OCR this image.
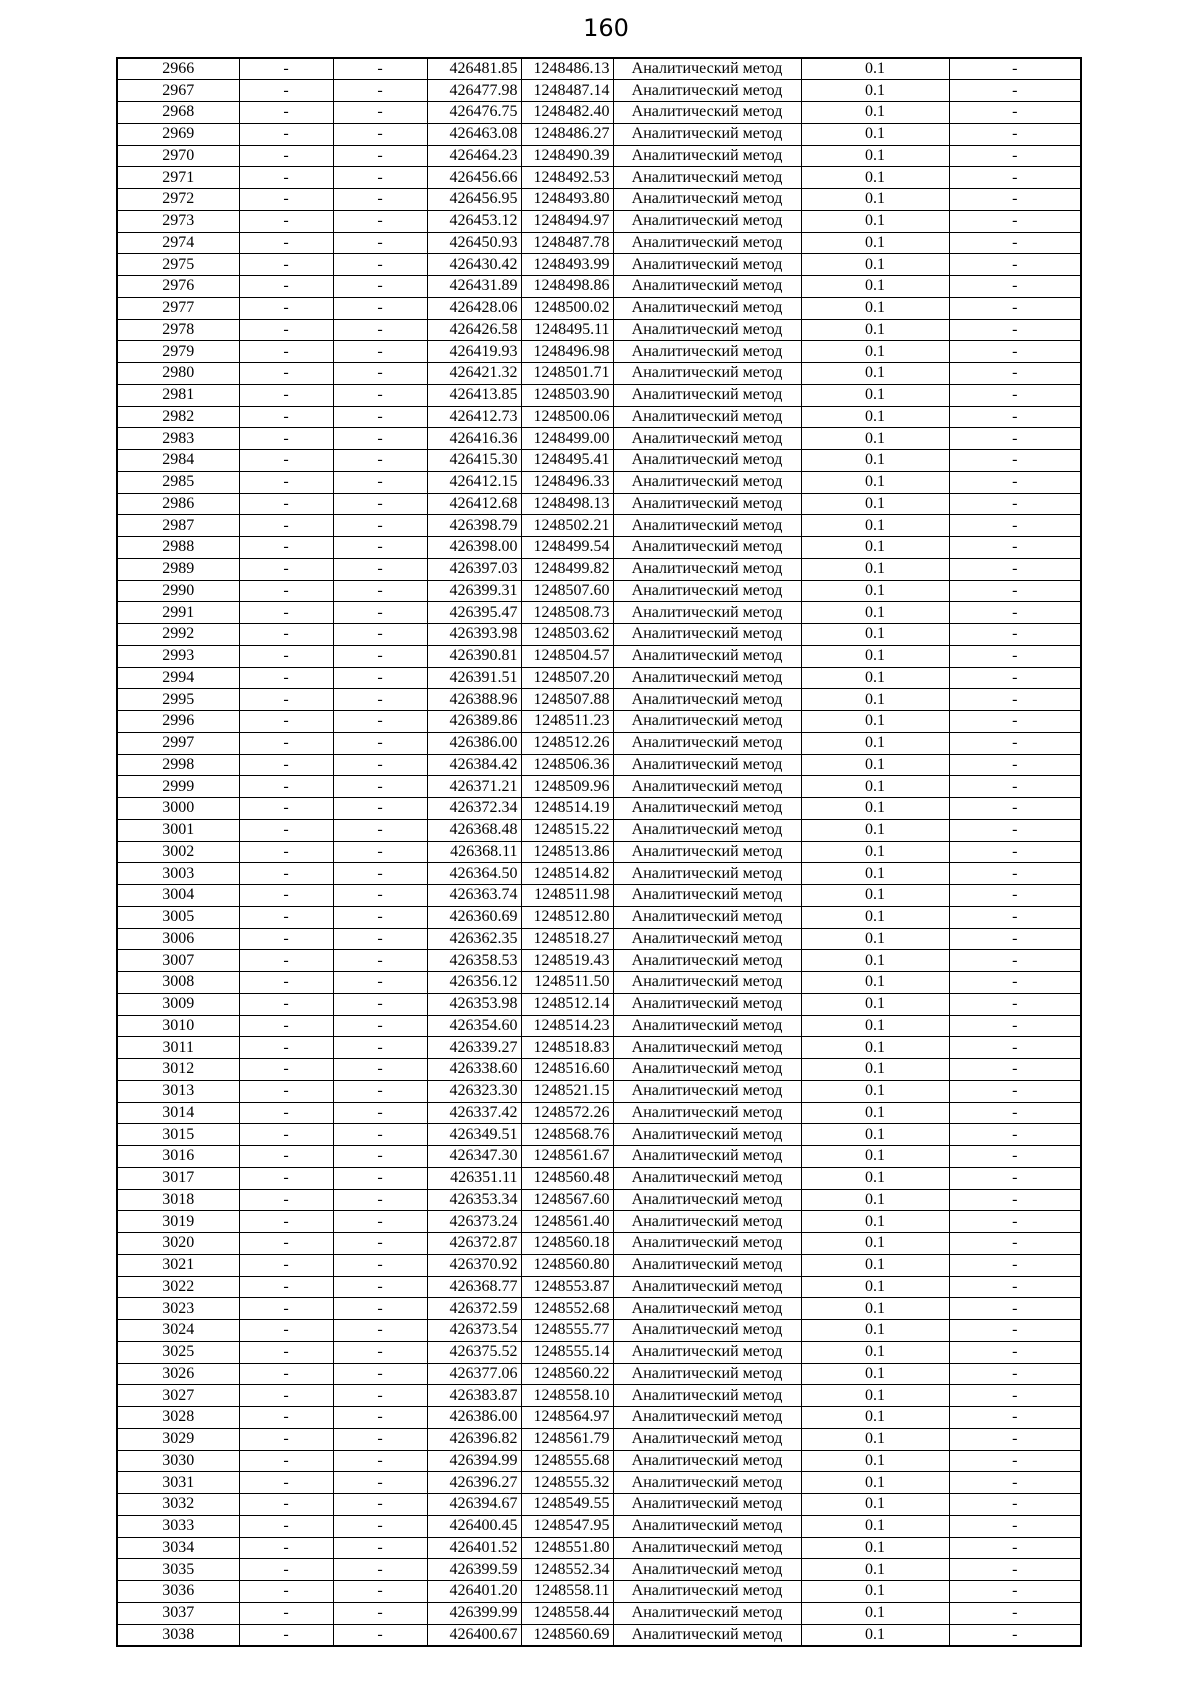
160
2966	-	-	426481.85	1248486.13	Аналитический метод	0.1	-
2967	-	-	426477.98	1248487.14	Аналитический метод	0.1	-
2968	-	-	426476.75	1248482.40	Аналитический метод	0.1	-
2969	-	-	426463.08	1248486.27	Аналитический метод	0.1	-
2970	-	-	426464.23	1248490.39	Аналитический метод	0.1	-
2971	-	-	426456.66	1248492.53	Аналитический метод	0.1	-
2972	-	-	426456.95	1248493.80	Аналитический метод	0.1	-
2973	-	-	426453.12	1248494.97	Аналитический метод	0.1	-
2974	-	-	426450.93	1248487.78	Аналитический метод	0.1	-
2975	-	-	426430.42	1248493.99	Аналитический метод	0.1	-
2976	-	-	426431.89	1248498.86	Аналитический метод	0.1	-
2977	-	-	426428.06	1248500.02	Аналитический метод	0.1	-
2978	-	-	426426.58	1248495.11	Аналитический метод	0.1	-
2979	-	-	426419.93	1248496.98	Аналитический метод	0.1	-
2980	-	-	426421.32	1248501.71	Аналитический метод	0.1	-
2981	-	-	426413.85	1248503.90	Аналитический метод	0.1	-
2982	-	-	426412.73	1248500.06	Аналитический метод	0.1	-
2983	-	-	426416.36	1248499.00	Аналитический метод	0.1	-
2984	-	-	426415.30	1248495.41	Аналитический метод	0.1	-
2985	-	-	426412.15	1248496.33	Аналитический метод	0.1	-
2986	-	-	426412.68	1248498.13	Аналитический метод	0.1	-
2987	-	-	426398.79	1248502.21	Аналитический метод	0.1	-
2988	-	-	426398.00	1248499.54	Аналитический метод	0.1	-
2989	-	-	426397.03	1248499.82	Аналитический метод	0.1	-
2990	-	-	426399.31	1248507.60	Аналитический метод	0.1	-
2991	-	-	426395.47	1248508.73	Аналитический метод	0.1	-
2992	-	-	426393.98	1248503.62	Аналитический метод	0.1	-
2993	-	-	426390.81	1248504.57	Аналитический метод	0.1	-
2994	-	-	426391.51	1248507.20	Аналитический метод	0.1	-
2995	-	-	426388.96	1248507.88	Аналитический метод	0.1	-
2996	-	-	426389.86	1248511.23	Аналитический метод	0.1	-
2997	-	-	426386.00	1248512.26	Аналитический метод	0.1	-
2998	-	-	426384.42	1248506.36	Аналитический метод	0.1	-
2999	-	-	426371.21	1248509.96	Аналитический метод	0.1	-
3000	-	-	426372.34	1248514.19	Аналитический метод	0.1	-
3001	-	-	426368.48	1248515.22	Аналитический метод	0.1	-
3002	-	-	426368.11	1248513.86	Аналитический метод	0.1	-
3003	-	-	426364.50	1248514.82	Аналитический метод	0.1	-
3004	-	-	426363.74	1248511.98	Аналитический метод	0.1	-
3005	-	-	426360.69	1248512.80	Аналитический метод	0.1	-
3006	-	-	426362.35	1248518.27	Аналитический метод	0.1	-
3007	-	-	426358.53	1248519.43	Аналитический метод	0.1	-
3008	-	-	426356.12	1248511.50	Аналитический метод	0.1	-
3009	-	-	426353.98	1248512.14	Аналитический метод	0.1	-
3010	-	-	426354.60	1248514.23	Аналитический метод	0.1	-
3011	-	-	426339.27	1248518.83	Аналитический метод	0.1	-
3012	-	-	426338.60	1248516.60	Аналитический метод	0.1	-
3013	-	-	426323.30	1248521.15	Аналитический метод	0.1	-
3014	-	-	426337.42	1248572.26	Аналитический метод	0.1	-
3015	-	-	426349.51	1248568.76	Аналитический метод	0.1	-
3016	-	-	426347.30	1248561.67	Аналитический метод	0.1	-
3017	-	-	426351.11	1248560.48	Аналитический метод	0.1	-
3018	-	-	426353.34	1248567.60	Аналитический метод	0.1	-
3019	-	-	426373.24	1248561.40	Аналитический метод	0.1	-
3020	-	-	426372.87	1248560.18	Аналитический метод	0.1	-
3021	-	-	426370.92	1248560.80	Аналитический метод	0.1	-
3022	-	-	426368.77	1248553.87	Аналитический метод	0.1	-
3023	-	-	426372.59	1248552.68	Аналитический метод	0.1	-
3024	-	-	426373.54	1248555.77	Аналитический метод	0.1	-
3025	-	-	426375.52	1248555.14	Аналитический метод	0.1	-
3026	-	-	426377.06	1248560.22	Аналитический метод	0.1	-
3027	-	-	426383.87	1248558.10	Аналитический метод	0.1	-
3028	-	-	426386.00	1248564.97	Аналитический метод	0.1	-
3029	-	-	426396.82	1248561.79	Аналитический метод	0.1	-
3030	-	-	426394.99	1248555.68	Аналитический метод	0.1	-
3031	-	-	426396.27	1248555.32	Аналитический метод	0.1	-
3032	-	-	426394.67	1248549.55	Аналитический метод	0.1	-
3033	-	-	426400.45	1248547.95	Аналитический метод	0.1	-
3034	-	-	426401.52	1248551.80	Аналитический метод	0.1	-
3035	-	-	426399.59	1248552.34	Аналитический метод	0.1	-
3036	-	-	426401.20	1248558.11	Аналитический метод	0.1	-
3037	-	-	426399.99	1248558.44	Аналитический метод	0.1	-
3038	-	-	426400.67	1248560.69	Аналитический метод	0.1	-
